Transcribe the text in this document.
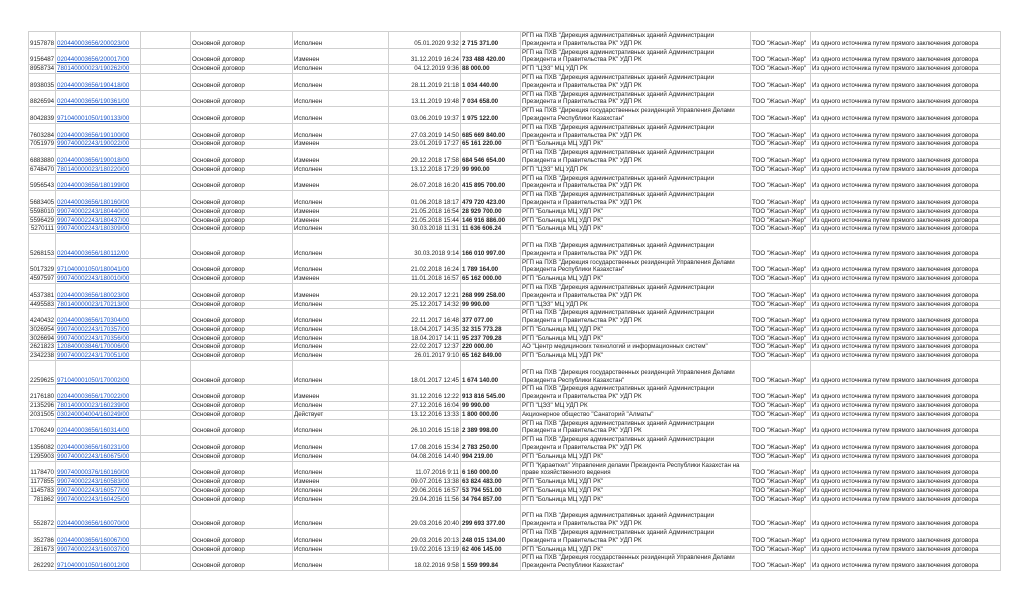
9157878	020440003656/200023/00		Основной договор	Исполнен	05.01.2020 9:32	2 715 371.00	РГП на ПХВ "Дирекция административных зданий Администрации Президента и Правительства РК" УДП РК	ТОО "Жасыл-Жер"	Из одного источника путем прямого заключения договора
9156487	020440003656/200017/00		Основной договор	Изменен	31.12.2019 16:24	733 488 420.00	РГП на ПХВ "Дирекция административных зданий Администрации Президента и Правительства РК" УДП РК	ТОО "Жасыл-Жер"	Из одного источника путем прямого заключения договора
8958734	780140000023/190262/00		Основной договор	Исполнен	04.12.2019 9:36	88 000.00	РГП "ЦЭЗ" МЦ УДП РК	ТОО "Жасыл-Жер"	Из одного источника путем прямого заключения договора
8938035	020440003656/190418/00		Основной договор	Исполнен	28.11.2019 21:18	1 034 440.00	РГП на ПХВ "Дирекция административных зданий Администрации Президента и Правительства РК" УДП РК	ТОО "Жасыл-Жер"	Из одного источника путем прямого заключения договора
8826594	020440003656/190361/00		Основной договор	Исполнен	13.11.2019 19:48	7 034 658.00	РГП на ПХВ "Дирекция административных зданий Администрации Президента и Правительства РК" УДП РК	ТОО "Жасыл-Жер"	Из одного источника путем прямого заключения договора
8042839	971040001050/190133/00		Основной договор	Исполнен	03.06.2019 19:37	1 975 122.00	РГП на ПХВ "Дирекция государственных резиденций Управления Делами Президента Республики Казахстан"	ТОО "Жасыл-Жер"	Из одного источника путем прямого заключения договора
7603284	020440003656/190100/00		Основной договор	Исполнен	27.03.2019 14:50	685 669 840.00	РГП на ПХВ "Дирекция административных зданий Администрации Президента и Правительства РК" УДП РК	ТОО "Жасыл-Жер"	Из одного источника путем прямого заключения договора
7051979	990740002243/190022/00		Основной договор	Изменен	23.01.2019 17:27	65 161 220.00	РГП "Больница МЦ УДП РК"	ТОО "Жасыл-Жер"	Из одного источника путем прямого заключения договора
6883880	020440003656/190018/00		Основной договор	Изменен	29.12.2018 17:58	684 546 654.00	РГП на ПХВ "Дирекция административных зданий Администрации Президента и Правительства РК" УДП РК	ТОО "Жасыл-Жер"	Из одного источника путем прямого заключения договора
6748470	780140000023/180220/00		Основной договор	Исполнен	13.12.2018 17:29	99 990.00	РГП "ЦЭЗ" МЦ УДП РК	ТОО "Жасыл-Жер"	Из одного источника путем прямого заключения договора
5956543	020440003656/180199/00		Основной договор	Изменен	26.07.2018 16:20	415 895 700.00	РГП на ПХВ "Дирекция административных зданий Администрации Президента и Правительства РК" УДП РК	ТОО "Жасыл-Жер"	Из одного источника путем прямого заключения договора
5683405	020440003656/180160/00		Основной договор	Исполнен	01.06.2018 18:17	479 720 423.00	РГП на ПХВ "Дирекция административных зданий Администрации Президента и Правительства РК" УДП РК	ТОО "Жасыл-Жер"	Из одного источника путем прямого заключения договора
5598010	990740002243/180440/00		Основной договор	Изменен	21.05.2018 16:54	28 929 700.00	РГП "Больница МЦ УДП РК"	ТОО "Жасыл-Жер"	Из одного источника путем прямого заключения договора
5596429	990740002243/180437/00		Основной договор	Изменен	21.05.2018 15:44	146 916 886.00	РГП "Больница МЦ УДП РК"	ТОО "Жасыл-Жер"	Из одного источника путем прямого заключения договора
5270111	990740002243/180309/00		Основной договор	Исполнен	30.03.2018 11:31	11 636 606.24	РГП "Больница МЦ УДП РК"	ТОО "Жасыл-Жер"	Из одного источника путем прямого заключения договора
5268153	020440003656/180112/00		Основной договор	Исполнен	30.03.2018 9:14	166 010 997.00	РГП на ПХВ "Дирекция административных зданий Администрации Президента и Правительства РК" УДП РК	ТОО "Жасыл-Жер"	Из одного источника путем прямого заключения договора
5017329	971040001050/180041/00		Основной договор	Исполнен	21.02.2018 16:24	1 789 164.00	РГП на ПХВ "Дирекция государственных резиденций Управления Делами Президента Республики Казахстан"	ТОО "Жасыл-Жер"	Из одного источника путем прямого заключения договора
4597597	990740002243/180010/00		Основной договор	Изменен	11.01.2018 16:57	65 162 000.00	РГП "Больница МЦ УДП РК"	ТОО "Жасыл-Жер"	Из одного источника путем прямого заключения договора
4537381	020440003656/180023/00		Основной договор	Изменен	29.12.2017 12:21	268 999 258.00	РГП на ПХВ "Дирекция административных зданий Администрации Президента и Правительства РК" УДП РК	ТОО "Жасыл-Жер"	Из одного источника путем прямого заключения договора
4495583	780140000023/170213/00		Основной договор	Исполнен	25.12.2017 14:32	99 990.00	РГП "ЦЭЗ" МЦ УДП РК	ТОО "Жасыл-Жер"	Из одного источника путем прямого заключения договора
4240432	020440003656/170304/00		Основной договор	Исполнен	22.11.2017 16:48	377 077.00	РГП на ПХВ "Дирекция административных зданий Администрации Президента и Правительства РК" УДП РК	ТОО "Жасыл-Жер"	Из одного источника путем прямого заключения договора
3026954	990740002243/170357/00		Основной договор	Исполнен	18.04.2017 14:35	32 315 773.28	РГП "Больница МЦ УДП РК"	ТОО "Жасыл-Жер"	Из одного источника путем прямого заключения договора
3026694	990740002243/170356/00		Основной договор	Исполнен	18.04.2017 14:11	95 237 709.28	РГП "Больница МЦ УДП РК"	ТОО "Жасыл-Жер"	Из одного источника путем прямого заключения договора
2621823	120840003846/170006/00		Основной договор	Исполнен	22.02.2017 12:37	220 000.00	АО "Центр медицинских технологий и информационных систем"	ТОО "Жасыл-Жер"	Из одного источника путем прямого заключения договора
2342238	990740002243/170051/00		Основной договор	Исполнен	26.01.2017 9:10	65 162 849.00	РГП "Больница МЦ УДП РК"	ТОО "Жасыл-Жер"	Из одного источника путем прямого заключения договора
2259625	971040001050/170002/00		Основной договор	Исполнен	18.01.2017 12:45	1 674 140.00	РГП на ПХВ "Дирекция государственных резиденций Управления Делами Президента Республики Казахстан"	ТОО "Жасыл-Жер"	Из одного источника путем прямого заключения договора
2176180	020440003656/170022/00		Основной договор	Изменен	31.12.2016 12:22	913 816 545.00	РГП на ПХВ "Дирекция административных зданий Администрации Президента и Правительства РК" УДП РК	ТОО "Жасыл-Жер"	Из одного источника путем прямого заключения договора
2135296	780140000023/160239/00		Основной договор	Исполнен	27.12.2016 16:04	99 990.00	РГП "ЦЭЗ" МЦ УДП РК	ТОО "Жасыл-Жер"	Из одного источника путем прямого заключения договора
2031505	030240004004/160249/00		Основной договор	Действует	13.12.2016 13:33	1 800 000.00	Акционерное общество "Санаторий "Алматы"	ТОО "Жасыл-Жер"	Из одного источника путем прямого заключения договора
1706249	020440003656/160314/00		Основной договор	Исполнен	26.10.2016 15:18	2 389 998.00	РГП на ПХВ "Дирекция административных зданий Администрации Президента и Правительства РК" УДП РК	ТОО "Жасыл-Жер"	Из одного источника путем прямого заключения договора
1356082	020440003656/160231/00		Основной договор	Исполнен	17.08.2016 15:34	2 783 250.00	РГП на ПХВ "Дирекция административных зданий Администрации Президента и Правительства РК" УДП РК	ТОО "Жасыл-Жер"	Из одного источника путем прямого заключения договора
1295903	990740002243/160675/00		Основной договор	Исполнен	04.08.2016 14:40	994 219.00	РГП "Больница МЦ УДП РК"	ТОО "Жасыл-Жер"	Из одного источника путем прямого заключения договора
1178470	990740000376/160160/00		Основной договор	Исполнен	11.07.2016 9:11	6 160 000.00	РГП "Қараөткел" Управления делами Президента Республики Казахстан на праве хозяйственного ведения	ТОО "Жасыл-Жер"	Из одного источника путем прямого заключения договора
1177855	990740002243/160583/00		Основной договор	Изменен	09.07.2016 13:38	63 824 483.00	РГП "Больница МЦ УДП РК"	ТОО "Жасыл-Жер"	Из одного источника путем прямого заключения договора
1145783	990740002243/160577/00		Основной договор	Исполнен	29.06.2016 16:57	53 794 551.00	РГП "Больница МЦ УДП РК"	ТОО "Жасыл-Жер"	Из одного источника путем прямого заключения договора
781862	990740002243/160425/00		Основной договор	Исполнен	29.04.2016 11:56	34 764 857.00	РГП "Больница МЦ УДП РК"	ТОО "Жасыл-Жер"	Из одного источника путем прямого заключения договора
552872	020440003656/160070/00		Основной договор	Исполнен	29.03.2016 20:40	299 693 377.00	РГП на ПХВ "Дирекция административных зданий Администрации Президента и Правительства РК" УДП РК	ТОО "Жасыл-Жер"	Из одного источника путем прямого заключения договора
352786	020440003656/160067/00		Основной договор	Исполнен	29.03.2016 20:13	248 015 134.00	РГП на ПХВ "Дирекция административных зданий Администрации Президента и Правительства РК" УДП РК	ТОО "Жасыл-Жер"	Из одного источника путем прямого заключения договора
281673	990740002243/160037/00		Основной договор	Исполнен	19.02.2016 13:19	62 406 145.00	РГП "Больница МЦ УДП РК"	ТОО "Жасыл-Жер"	Из одного источника путем прямого заключения договора
262292	971040001050/160012/00		Основной договор	Исполнен	18.02.2016 9:58	1 559 999.84	РГП на ПХВ "Дирекция государственных резиденций Управления Делами Президента Республики Казахстан"	ТОО "Жасыл-Жер"	Из одного источника путем прямого заключения договора
